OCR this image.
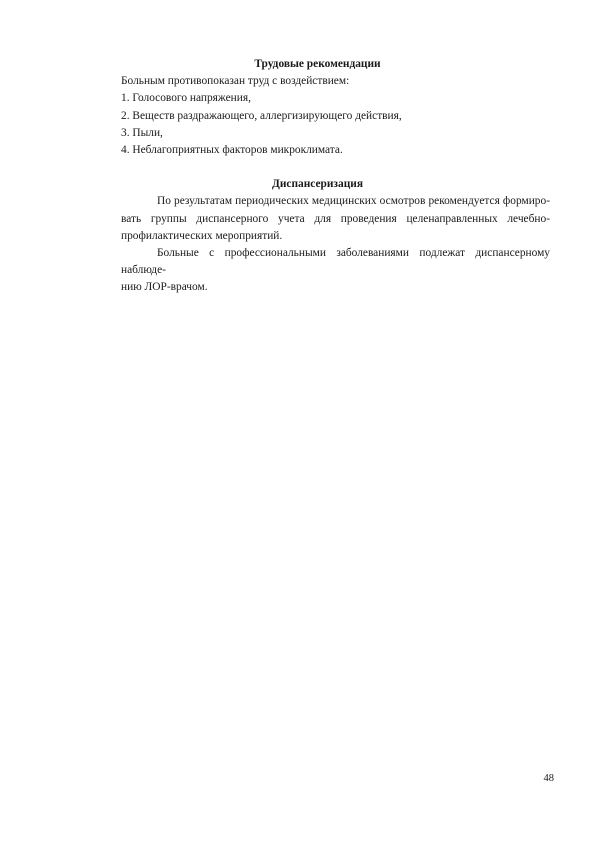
Трудовые рекомендации
Больным противопоказан труд с воздействием:
1. Голосового напряжения,
2. Веществ раздражающего, аллергизирующего действия,
3. Пыли,
4. Неблагоприятных факторов микроклимата.
Диспансеризация
По результатам периодических медицинских осмотров рекомендуется формиро-
вать группы диспансерного учета для проведения целенаправленных лечебно-
профилактических мероприятий.
Больные с профессиональными заболеваниями подлежат диспансерному наблюде-
нию ЛОР-врачом.
48
